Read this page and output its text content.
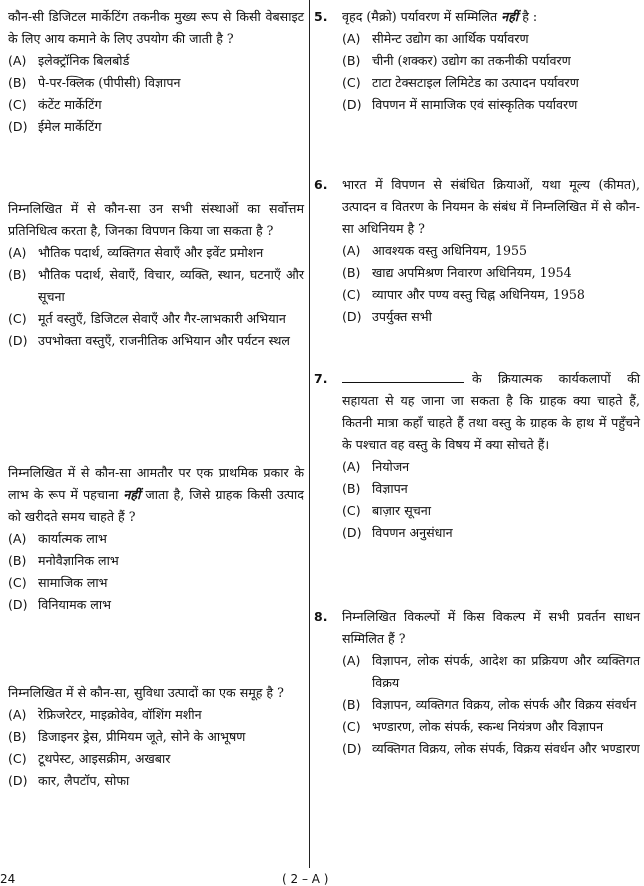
कौन-सी डिजिटल मार्केटिंग तकनीक मुख्य रूप से किसी वेबसाइट के लिए आय कमाने के लिए उपयोग की जाती है ?
(A) इलेक्ट्रॉनिक बिलबोर्ड
(B) पे-पर-क्लिक (पीपीसी) विज्ञापन
(C) कंटेंट मार्केटिंग
(D) ईमेल मार्केटिंग
निम्नलिखित में से कौन-सा उन सभी संस्थाओं का सर्वोत्तम प्रतिनिधित्व करता है, जिनका विपणन किया जा सकता है ?
(A) भौतिक पदार्थ, व्यक्तिगत सेवाएँ और इवेंट प्रमोशन
(B) भौतिक पदार्थ, सेवाएँ, विचार, व्यक्ति, स्थान, घटनाएँ और सूचना
(C) मूर्त वस्तुएँ, डिजिटल सेवाएँ और गैर-लाभकारी अभियान
(D) उपभोक्ता वस्तुएँ, राजनीतिक अभियान और पर्यटन स्थल
निम्नलिखित में से कौन-सा आमतौर पर एक प्राथमिक प्रकार के लाभ के रूप में पहचाना नहीं जाता है, जिसे ग्राहक किसी उत्पाद को खरीदते समय चाहते हैं ?
(A) कार्यात्मक लाभ
(B) मनोवैज्ञानिक लाभ
(C) सामाजिक लाभ
(D) विनियामक लाभ
निम्नलिखित में से कौन-सा, सुविधा उत्पादों का एक समूह है ?
(A) रेफ्रिजरेटर, माइक्रोवेव, वॉशिंग मशीन
(B) डिजाइनर ड्रेस, प्रीमियम जूते, सोने के आभूषण
(C) टूथपेस्ट, आइसक्रीम, अखबार
(D) कार, लैपटॉप, सोफा
5. वृहद (मैक्रो) पर्यावरण में सम्मिलित नहीं है :
(A) सीमेन्ट उद्योग का आर्थिक पर्यावरण
(B) चीनी (शक्कर) उद्योग का तकनीकी पर्यावरण
(C) टाटा टेक्सटाइल लिमिटेड का उत्पादन पर्यावरण
(D) विपणन में सामाजिक एवं सांस्कृतिक पर्यावरण
6. भारत में विपणन से संबंधित क्रियाओं, यथा मूल्य (कीमत), उत्पादन व वितरण के नियमन के संबंध में निम्नलिखित में से कौन-सा अधिनियम है ?
(A) आवश्यक वस्तु अधिनियम, 1955
(B) खाद्य अपमिश्रण निवारण अधिनियम, 1954
(C) व्यापार और पण्य वस्तु चिह्न अधिनियम, 1958
(D) उपर्युक्त सभी
7.	के क्रियात्मक कार्यकलापों की सहायता से यह जाना जा सकता है कि ग्राहक क्या चाहते हैं, कितनी मात्रा कहाँ चाहते हैं तथा वस्तु के ग्राहक के हाथ में पहुँचने के पश्चात वह वस्तु के विषय में क्या सोचते हैं।
(A) नियोजन
(B) विज्ञापन
(C) बाज़ार सूचना
(D) विपणन अनुसंधान
8. निम्नलिखित विकल्पों में किस विकल्प में सभी प्रवर्तन साधन सम्मिलित हैं ?
(A) विज्ञापन, लोक संपर्क, आदेश का प्रक्रियण और व्यक्तिगत विक्रय
(B) विज्ञापन, व्यक्तिगत विक्रय, लोक संपर्क और विक्रय संवर्धन
(C) भण्डारण, लोक संपर्क, स्कन्ध नियंत्रण और विज्ञापन
(D) व्यक्तिगत विक्रय, लोक संपर्क, विक्रय संवर्धन और भण्डारण
24	( 2 – A )
